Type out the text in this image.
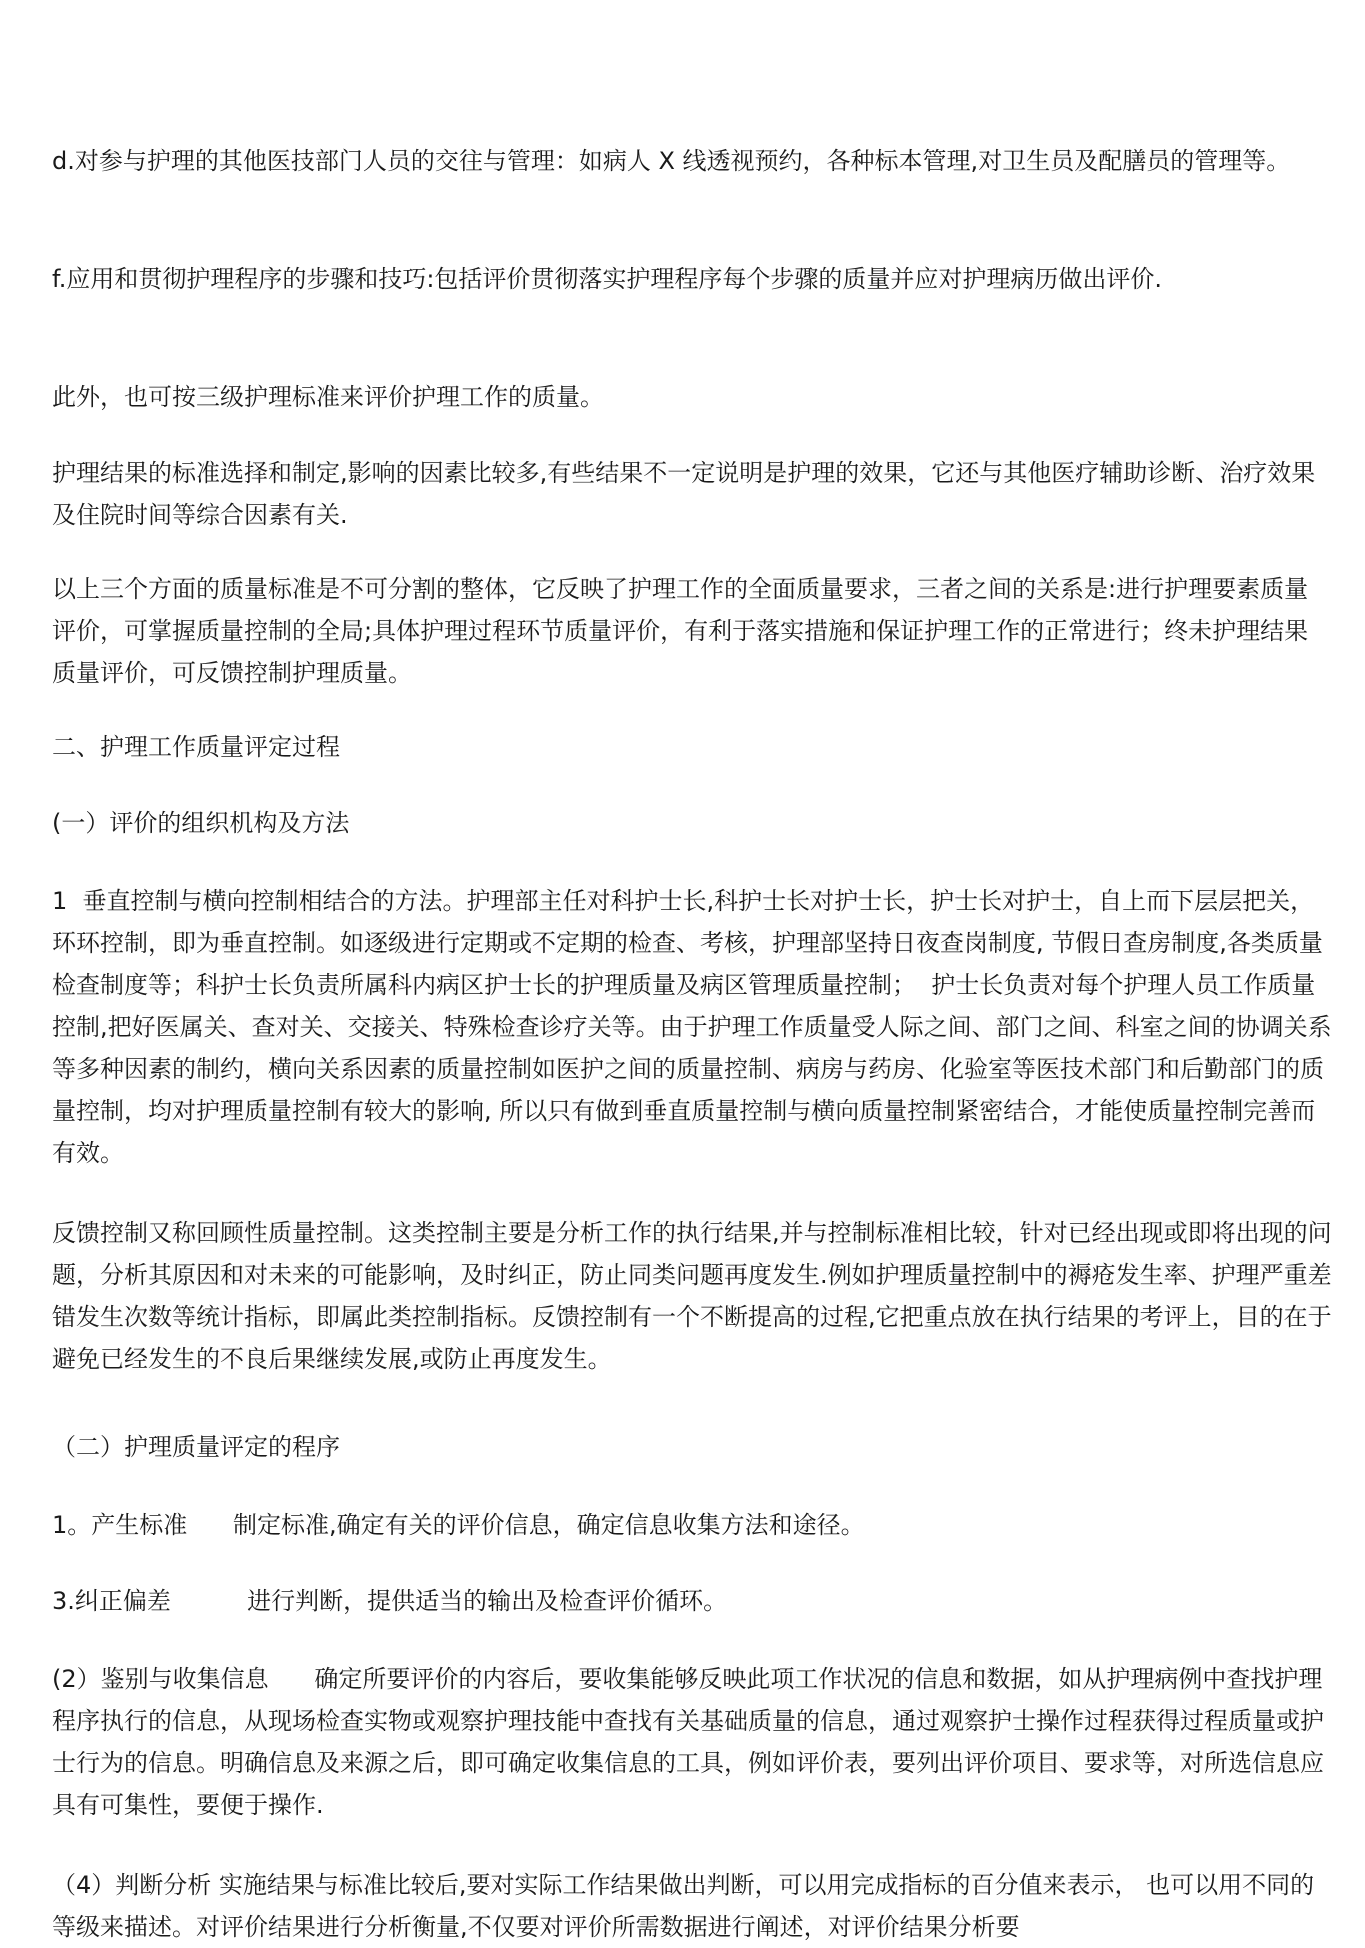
d.对参与护理的其他医技部门人员的交往与管理：如病人 X 线透视预约，各种标本管理,对卫生员及配膳员的管理等。

f.应用和贯彻护理程序的步骤和技巧:包括评价贯彻落实护理程序每个步骤的质量并应对护理病历做出评价.

此外，也可按三级护理标准来评价护理工作的质量。

护理结果的标准选择和制定,影响的因素比较多,有些结果不一定说明是护理的效果，它还与其他医疗辅助诊断、治疗效果及住院时间等综合因素有关.

以上三个方面的质量标准是不可分割的整体，它反映了护理工作的全面质量要求，三者之间的关系是:进行护理要素质量评价，可掌握质量控制的全局;具体护理过程环节质量评价，有利于落实措施和保证护理工作的正常进行；终未护理结果质量评价，可反馈控制护理质量。

二、护理工作质量评定过程

(一）评价的组织机构及方法

1  垂直控制与横向控制相结合的方法。护理部主任对科护士长,科护士长对护士长，护士长对护士，自上而下层层把关，环环控制，即为垂直控制。如逐级进行定期或不定期的检查、考核，护理部坚持日夜查岗制度, 节假日查房制度,各类质量检查制度等；科护士长负责所属科内病区护士长的护理质量及病区管理质量控制；  护士长负责对每个护理人员工作质量控制,把好医属关、查对关、交接关、特殊检查诊疗关等。由于护理工作质量受人际之间、部门之间、科室之间的协调关系等多种因素的制约，横向关系因素的质量控制如医护之间的质量控制、病房与药房、化验室等医技术部门和后勤部门的质量控制，均对护理质量控制有较大的影响, 所以只有做到垂直质量控制与横向质量控制紧密结合，才能使质量控制完善而有效。

反馈控制又称回顾性质量控制。这类控制主要是分析工作的执行结果,并与控制标准相比较，针对已经出现或即将出现的问题，分析其原因和对未来的可能影响，及时纠正，防止同类问题再度发生.例如护理质量控制中的褥疮发生率、护理严重差错发生次数等统计指标，即属此类控制指标。反馈控制有一个不断提高的过程,它把重点放在执行结果的考评上，目的在于避免已经发生的不良后果继续发展,或防止再度发生。

（二）护理质量评定的程序

1。产生标准      制定标准,确定有关的评价信息，确定信息收集方法和途径。

3.纠正偏差          进行判断，提供适当的输出及检查评价循环。

(2）鉴别与收集信息      确定所要评价的内容后，要收集能够反映此项工作状况的信息和数据，如从护理病例中查找护理程序执行的信息，从现场检查实物或观察护理技能中查找有关基础质量的信息，通过观察护士操作过程获得过程质量或护士行为的信息。明确信息及来源之后，即可确定收集信息的工具，例如评价表，要列出评价项目、要求等，对所选信息应具有可集性，要便于操作.

（4）判断分析 实施结果与标准比较后,要对实际工作结果做出判断，可以用完成指标的百分值来表示， 也可以用不同的等级来描述。对评价结果进行分析衡量,不仅要对评价所需数据进行阐述，对评价结果分析要
